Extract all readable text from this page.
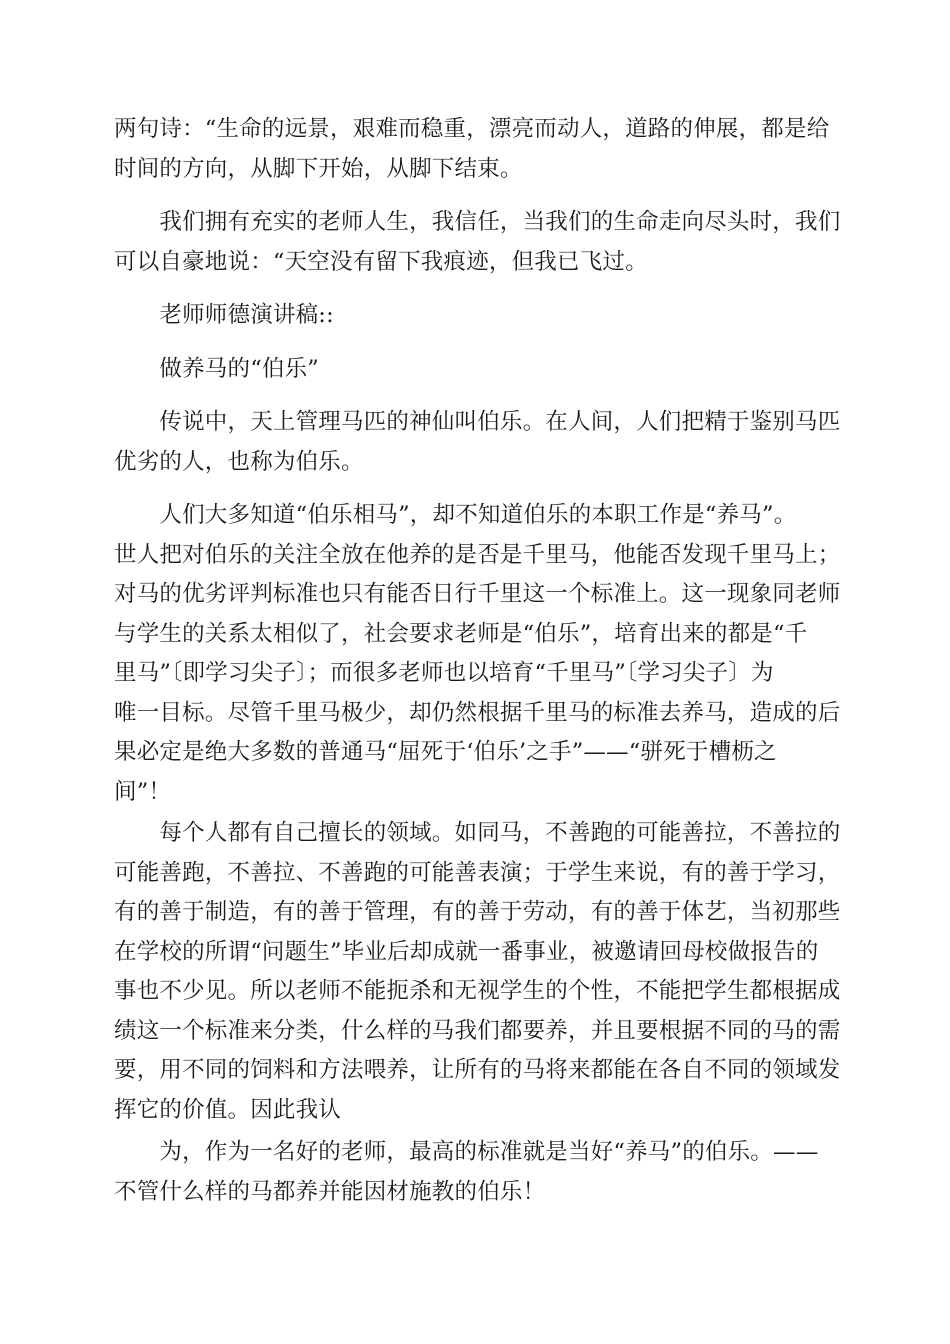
两句诗：“生命的远景，艰难而稳重，漂亮而动人，道路的伸展，都是给
时间的方向，从脚下开始，从脚下结束。
　　我们拥有充实的老师人生，我信任，当我们的生命走向尽头时，我们
可以自豪地说：“天空没有留下我痕迹，但我已飞过。
　　老师师德演讲稿::
　　做养马的“伯乐”
　　传说中，天上管理马匹的神仙叫伯乐。在人间，人们把精于鉴别马匹
优劣的人，也称为伯乐。
　　人们大多知道“伯乐相马”，却不知道伯乐的本职工作是“养马”。
世人把对伯乐的关注全放在他养的是否是千里马，他能否发现千里马上；
对马的优劣评判标准也只有能否日行千里这一个标准上。这一现象同老师
与学生的关系太相似了，社会要求老师是“伯乐”，培育出来的都是“千
里马”〔即学习尖子〕；而很多老师也以培育“千里马”〔学习尖子〕为
唯一目标。尽管千里马极少，却仍然根据千里马的标准去养马，造成的后
果必定是绝大多数的普通马“屈死于‘伯乐’之手”——“骈死于槽枥之
间”！
　　每个人都有自己擅长的领域。如同马，不善跑的可能善拉，不善拉的
可能善跑，不善拉、不善跑的可能善表演；于学生来说，有的善于学习，
有的善于制造，有的善于管理，有的善于劳动，有的善于体艺，当初那些
在学校的所谓“问题生”毕业后却成就一番事业，被邀请回母校做报告的
事也不少见。所以老师不能扼杀和无视学生的个性，不能把学生都根据成
绩这一个标准来分类，什么样的马我们都要养，并且要根据不同的马的需
要，用不同的饲料和方法喂养，让所有的马将来都能在各自不同的领域发
挥它的价值。因此我认
　　为，作为一名好的老师，最高的标准就是当好“养马”的伯乐。——
不管什么样的马都养并能因材施教的伯乐！
